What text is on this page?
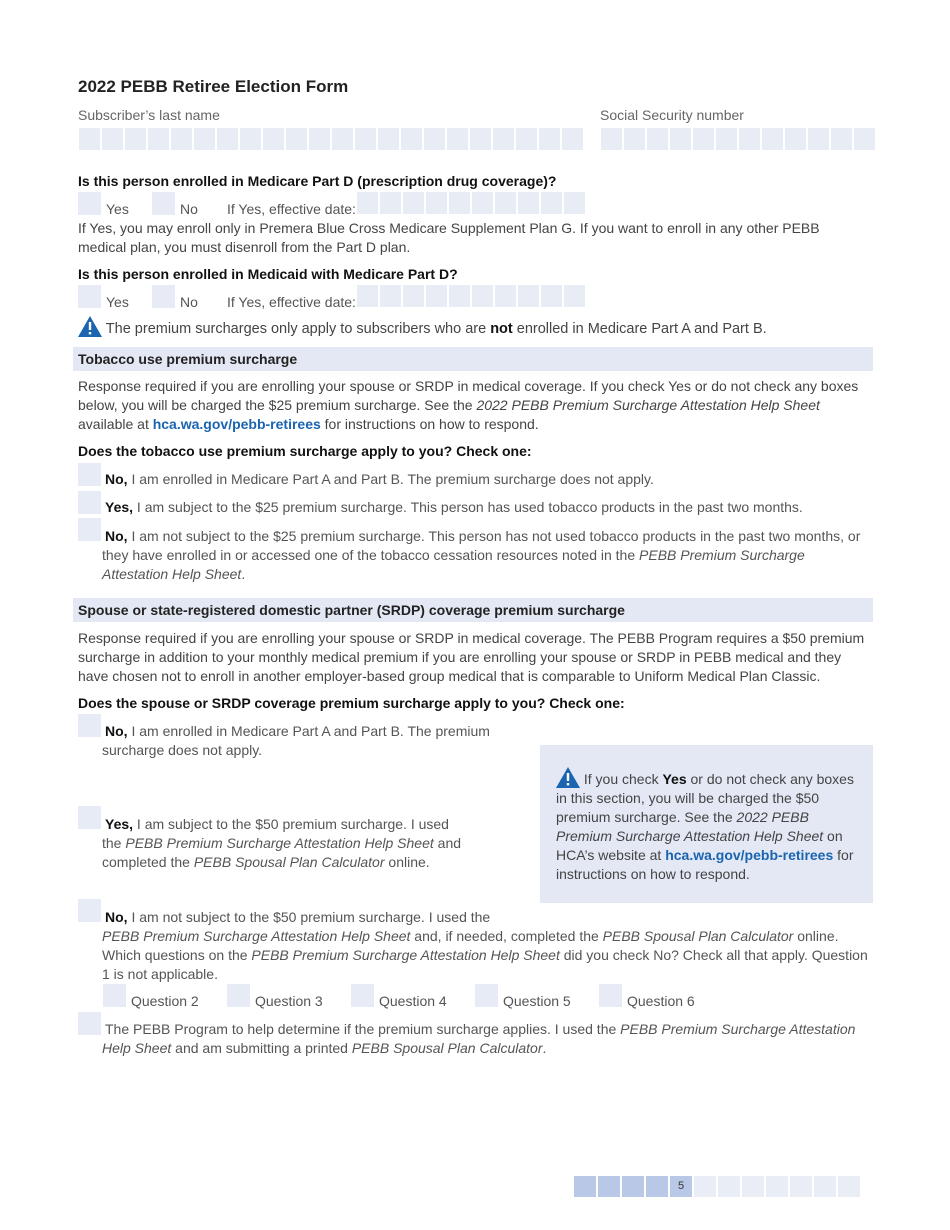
2022 PEBB Retiree Election Form
Subscriber’s last name	Social Security number
Is this person enrolled in Medicare Part D (prescription drug coverage)?
Yes	No If Yes, effective date:
If Yes, you may enroll only in Premera Blue Cross Medicare Supplement Plan G. If you want to enroll in any other PEBB medical plan, you must disenroll from the Part D plan.
Is this person enrolled in Medicaid with Medicare Part D?
Yes	No If Yes, effective date:
The premium surcharges only apply to subscribers who are not enrolled in Medicare Part A and Part B.
Tobacco use premium surcharge
Response required if you are enrolling your spouse or SRDP in medical coverage. If you check Yes or do not check any boxes below, you will be charged the $25 premium surcharge. See the 2022 PEBB Premium Surcharge Attestation Help Sheet available at hca.wa.gov/pebb-retirees for instructions on how to respond.
Does the tobacco use premium surcharge apply to you? Check one:
No, I am enrolled in Medicare Part A and Part B. The premium surcharge does not apply.
Yes, I am subject to the $25 premium surcharge. This person has used tobacco products in the past two months.
No, I am not subject to the $25 premium surcharge. This person has not used tobacco products in the past two months, or they have enrolled in or accessed one of the tobacco cessation resources noted in the PEBB Premium Surcharge Attestation Help Sheet.
Spouse or state-registered domestic partner (SRDP) coverage premium surcharge
Response required if you are enrolling your spouse or SRDP in medical coverage. The PEBB Program requires a $50 premium surcharge in addition to your monthly medical premium if you are enrolling your spouse or SRDP in PEBB medical and they have chosen not to enroll in another employer-based group medical that is comparable to Uniform Medical Plan Classic.
Does the spouse or SRDP coverage premium surcharge apply to you? Check one:
No, I am enrolled in Medicare Part A and Part B. The premium surcharge does not apply.
Yes, I am subject to the $50 premium surcharge. I used the PEBB Premium Surcharge Attestation Help Sheet and completed the PEBB Spousal Plan Calculator online.
If you check Yes or do not check any boxes in this section, you will be charged the $50 premium surcharge. See the 2022 PEBB Premium Surcharge Attestation Help Sheet on HCA’s website at hca.wa.gov/pebb-retirees for instructions on how to respond.
No, I am not subject to the $50 premium surcharge. I used the
PEBB Premium Surcharge Attestation Help Sheet and, if needed, completed the PEBB Spousal Plan Calculator online. Which questions on the PEBB Premium Surcharge Attestation Help Sheet did you check No? Check all that apply. Question 1 is not applicable.
Question 2	Question 3	Question 4	Question 5	Question 6
The PEBB Program to help determine if the premium surcharge applies. I used the PEBB Premium Surcharge Attestation Help Sheet and am submitting a printed PEBB Spousal Plan Calculator.
5
